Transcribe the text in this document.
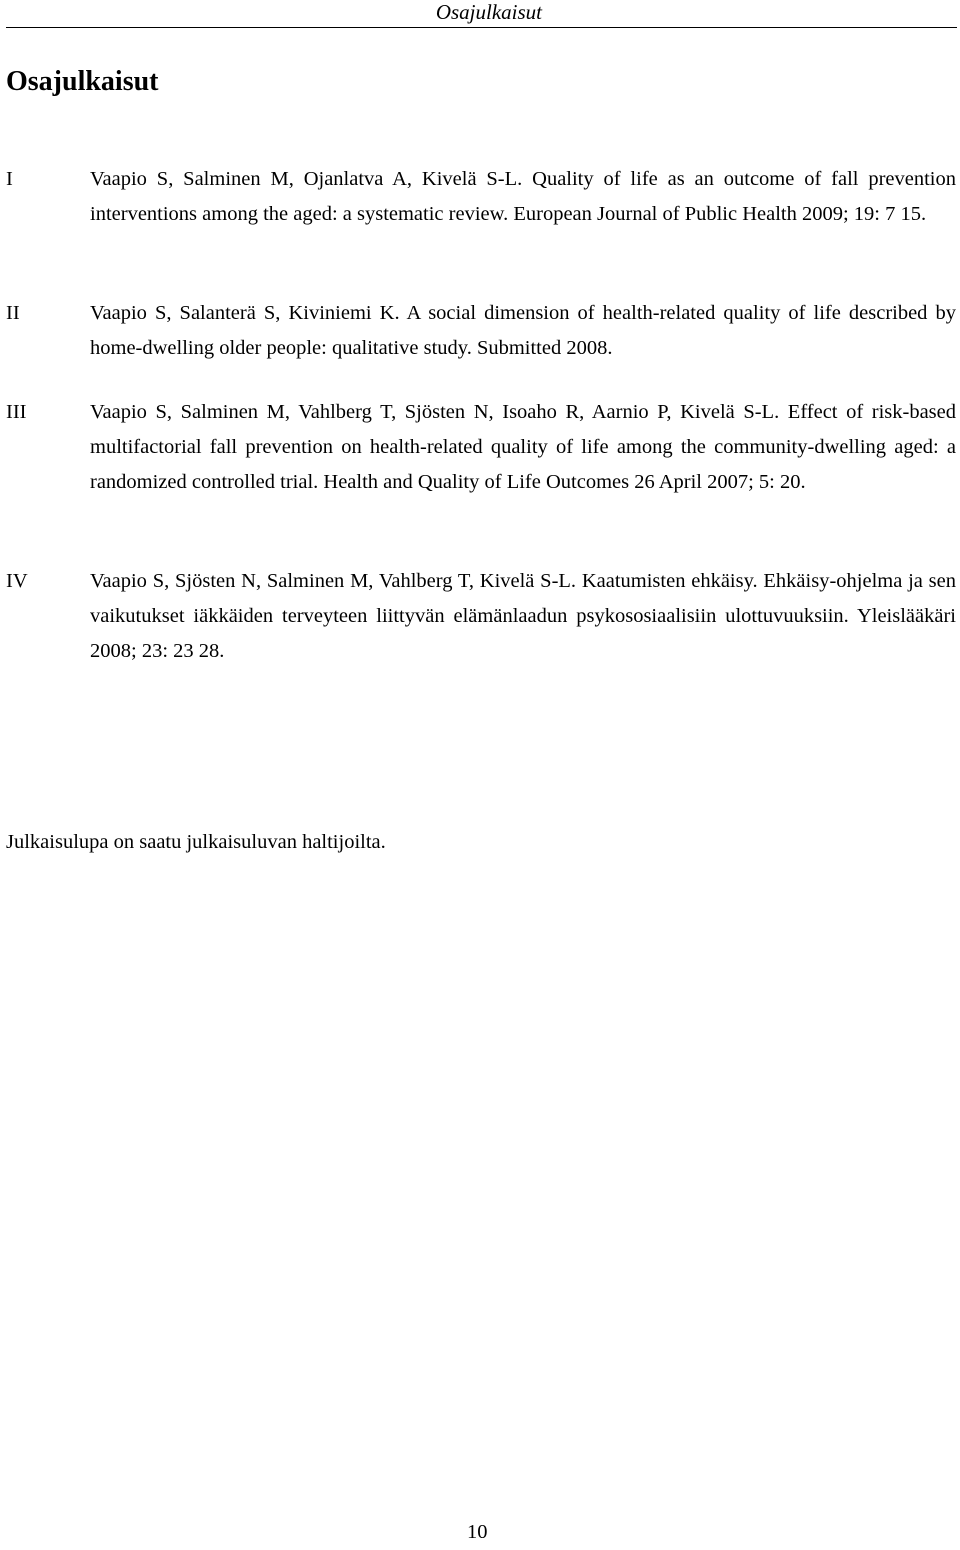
Osajulkaisut
Osajulkaisut
I	Vaapio S, Salminen M, Ojanlatva A, Kivelä S-L. Quality of life as an outcome of fall prevention interventions among the aged: a systematic review. European Journal of Public Health 2009; 19: 7 15.
II	Vaapio S, Salanterä S, Kiviniemi K. A social dimension of health-related quality of life described by home-dwelling older people: qualitative study. Submitted 2008.
III	Vaapio S, Salminen M, Vahlberg T, Sjösten N, Isoaho R, Aarnio P, Kivelä S-L. Effect of risk-based multifactorial fall prevention on health-related quality of life among the community-dwelling aged: a randomized controlled trial. Health and Quality of Life Outcomes 26 April 2007; 5: 20.
IV	Vaapio S, Sjösten N, Salminen M, Vahlberg T, Kivelä S-L. Kaatumisten ehkäisy. Ehkäisy-ohjelma ja sen vaikutukset iäkkäiden terveyteen liittyvän elämänlaadun psykososiaalisiin ulottuvuuksiin. Yleislääkäri 2008; 23: 23 28.
Julkaisulupa on saatu julkaisuluvan haltijoilta.
10
